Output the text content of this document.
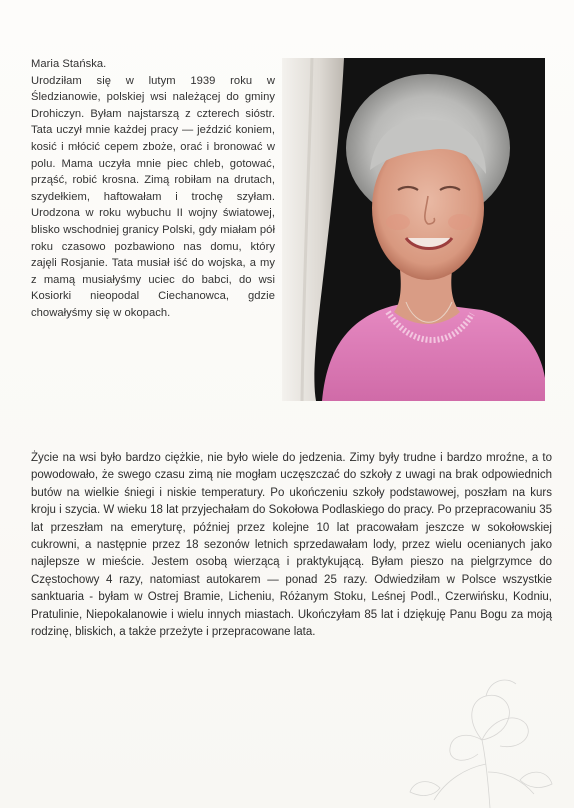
Maria Stańska.
Urodziłam się w lutym 1939 roku w Śledzianowie, polskiej wsi należącej do gminy Drohiczyn. Byłam najstarszą z czterech sióstr. Tata uczył mnie każdej pracy — jeździć koniem, kosić i młócić cepem zboże, orać i bronować w polu. Mama uczyła mnie piec chleb, gotować, prząść, robić krosna. Zimą robiłam na drutach, szydełkiem, haftowałam i trochę szyłam. Urodzona w roku wybuchu II wojny światowej, blisko wschodniej granicy Polski, gdy miałam pół roku czasowo pozbawiono nas domu, który zajęli Rosjanie. Tata musiał iść do wojska, a my z mamą musiałyśmy uciec do babci, do wsi Kosiorki nieopodal Ciechanowca, gdzie chowałyśmy się w okopach.
Życie na wsi było bardzo ciężkie, nie było wiele do jedzenia. Zimy były trudne i bardzo mroźne, a to powodowało, że swego czasu zimą nie mogłam uczęszczać do szkoły z uwagi na brak odpowiednich butów na wielkie śniegi i niskie temperatury. Po ukończeniu szkoły podstawowej, poszłam na kurs kroju i szycia. W wieku 18 lat przyjechałam do Sokołowa Podlaskiego do pracy. Po przepracowaniu 35 lat przeszłam na emeryturę, później przez kolejne 10 lat pracowałam jeszcze w sokołowskiej cukrowni, a następnie przez 18 sezonów letnich sprzedawałam lody, przez wielu ocenianych jako najlepsze w mieście. Jestem osobą wierzącą i praktykującą. Byłam pieszo na pielgrzymce do Częstochowy 4 razy, natomiast autokarem — ponad 25 razy. Odwiedziłam w Polsce wszystkie sanktuaria - byłam w Ostrej Bramie, Licheniu, Różanym Stoku, Leśnej Podl., Czerwińsku, Kodniu, Pratulinie, Niepokalanowie i wielu innych miastach. Ukończyłam 85 lat i dziękuję Panu Bogu za moją rodzinę, bliskich, a także przeżyte i przepracowane lata.
